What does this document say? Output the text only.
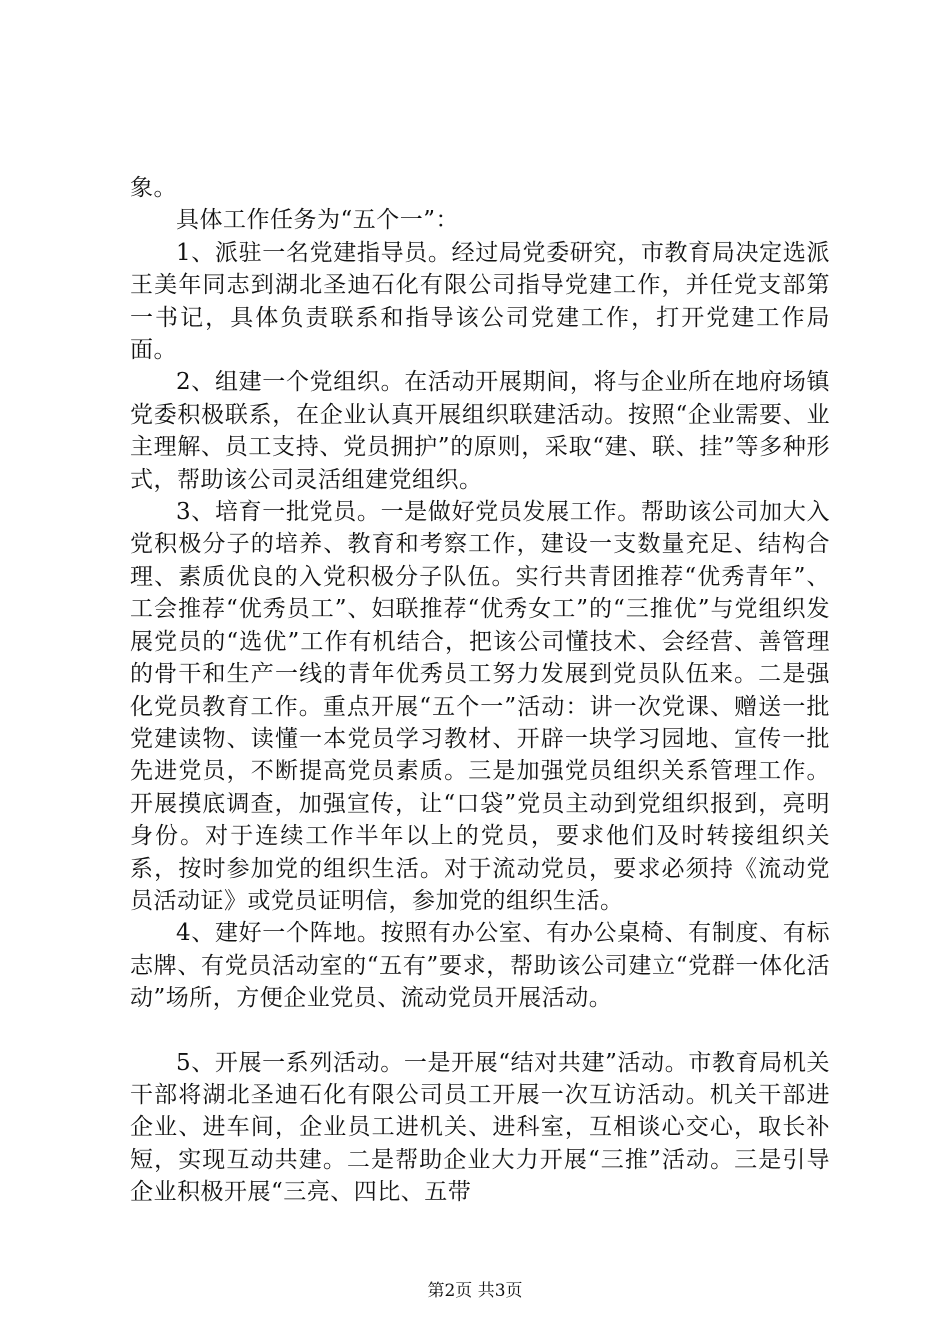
象。

具体工作任务为“五个一”：

1、派驻一名党建指导员。经过局党委研究，市教育局决定选派王美年同志到湖北圣迪石化有限公司指导党建工作，并任党支部第一书记，具体负责联系和指导该公司党建工作，打开党建工作局面。

2、组建一个党组织。在活动开展期间，将与企业所在地府场镇党委积极联系，在企业认真开展组织联建活动。按照“企业需要、业主理解、员工支持、党员拥护”的原则，采取“建、联、挂”等多种形式，帮助该公司灵活组建党组织。

3、培育一批党员。一是做好党员发展工作。帮助该公司加大入党积极分子的培养、教育和考察工作，建设一支数量充足、结构合理、素质优良的入党积极分子队伍。实行共青团推荐“优秀青年”、工会推荐“优秀员工”、妇联推荐“优秀女工”的“三推优”与党组织发展党员的“选优”工作有机结合，把该公司懂技术、会经营、善管理的骨干和生产一线的青年优秀员工努力发展到党员队伍来。二是强化党员教育工作。重点开展“五个一”活动：讲一次党课、赠送一批党建读物、读懂一本党员学习教材、开辟一块学习园地、宣传一批先进党员，不断提高党员素质。三是加强党员组织关系管理工作。开展摸底调查，加强宣传，让“口袋”党员主动到党组织报到，亮明身份。对于连续工作半年以上的党员，要求他们及时转接组织关系，按时参加党的组织生活。对于流动党员，要求必须持《流动党员活动证》或党员证明信，参加党的组织生活。

4、建好一个阵地。按照有办公室、有办公桌椅、有制度、有标志牌、有党员活动室的“五有”要求，帮助该公司建立“党群一体化活动”场所，方便企业党员、流动党员开展活动。

5、开展一系列活动。一是开展“结对共建”活动。市教育局机关干部将湖北圣迪石化有限公司员工开展一次互访活动。机关干部进企业、进车间，企业员工进机关、进科室，互相谈心交心，取长补短，实现互动共建。二是帮助企业大力开展“三推”活动。三是引导企业积极开展“三亮、四比、五带

第2页 共3页
